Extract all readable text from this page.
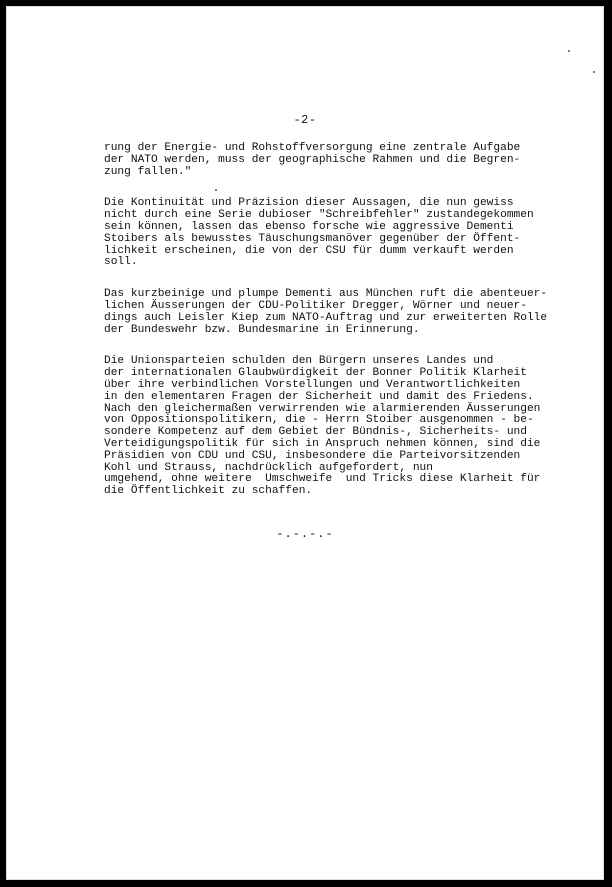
-2-

rung der Energie- und Rohstoffversorgung eine zentrale Aufgabe
der NATO werden, muss der geographische Rahmen und die Begren-
zung fallen."

Die Kontinuität und Präzision dieser Aussagen, die nun gewiss
nicht durch eine Serie dubioser "Schreibfehler" zustandegekommen
sein können, lassen das ebenso forsche wie aggressive Dementi
Stoibers als bewusstes Täuschungsmanöver gegenüber der Öffent-
lichkeit erscheinen, die von der CSU für dumm verkauft werden
soll.

Das kurzbeinige und plumpe Dementi aus München ruft die abenteuer-
lichen Äusserungen der CDU-Politiker Dregger, Wörner und neuer-
dings auch Leisler Kiep zum NATO-Auftrag und zur erweiterten Rolle
der Bundeswehr bzw. Bundesmarine in Erinnerung.

Die Unionsparteien schulden den Bürgern unseres Landes und
der internationalen Glaubwürdigkeit der Bonner Politik Klarheit
über ihre verbindlichen Vorstellungen und Verantwortlichkeiten
in den elementaren Fragen der Sicherheit und damit des Friedens.
Nach den gleichermaßen verwirrenden wie alarmierenden Äusserungen
von Oppositionspolitikern, die - Herrn Stoiber ausgenommen - be-
sondere Kompetenz auf dem Gebiet der Bündnis-, Sicherheits- und
Verteidigungspolitik für sich in Anspruch nehmen können, sind die
Präsidien von CDU und CSU, insbesondere die Parteivorsitzenden
Kohl und Strauss, nachdrücklich aufgefordert, nun
umgehend, ohne weitere  Umschweife  und Tricks diese Klarheit für
die Öffentlichkeit zu schaffen.

-.-.-.-
